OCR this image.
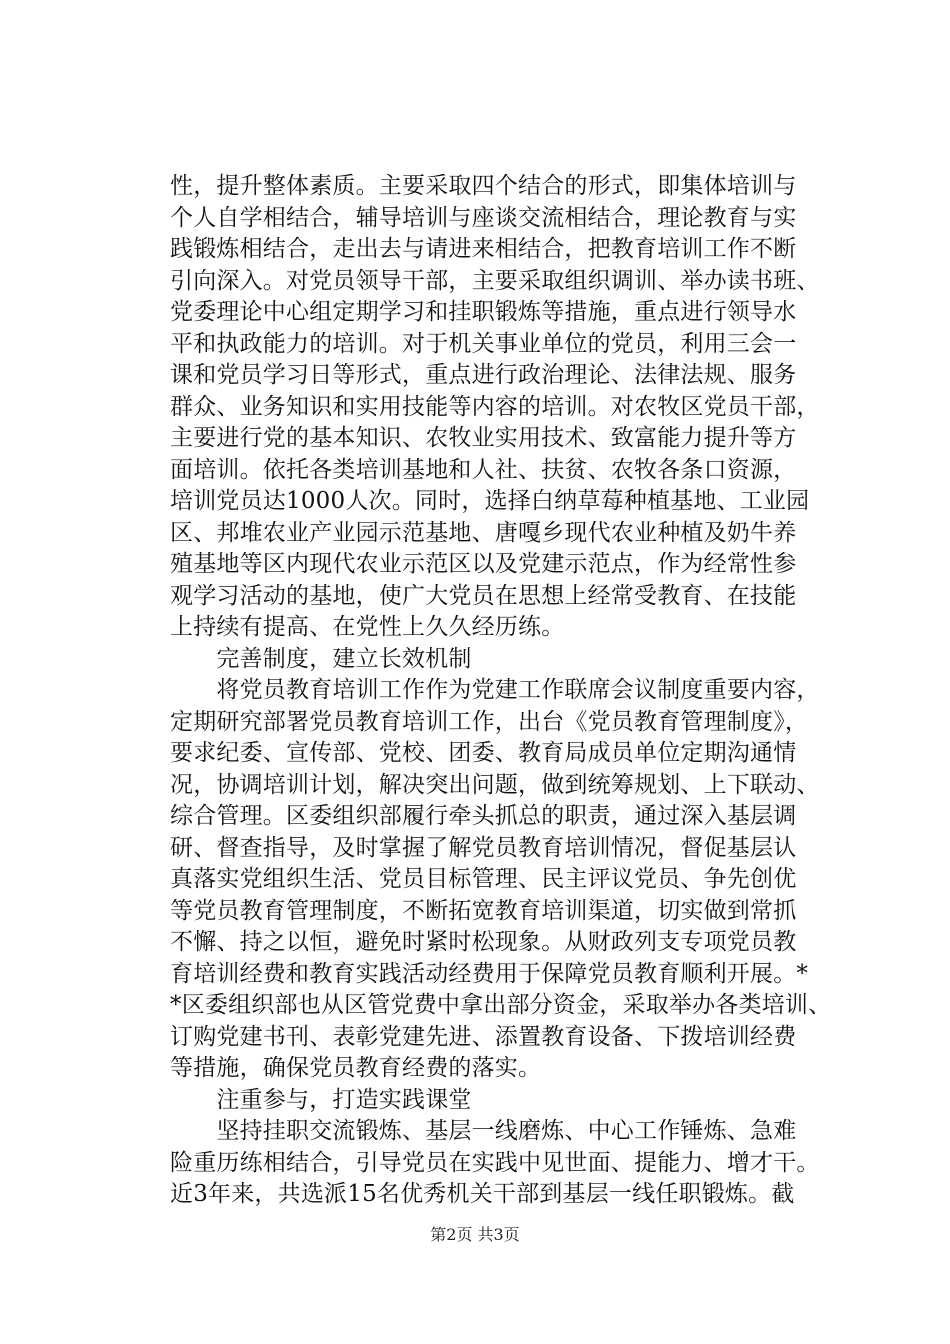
性，提升整体素质。主要采取四个结合的形式，即集体培训与
个人自学相结合，辅导培训与座谈交流相结合，理论教育与实
践锻炼相结合，走出去与请进来相结合，把教育培训工作不断
引向深入。对党员领导干部，主要采取组织调训、举办读书班、
党委理论中心组定期学习和挂职锻炼等措施，重点进行领导水
平和执政能力的培训。对于机关事业单位的党员，利用三会一
课和党员学习日等形式，重点进行政治理论、法律法规、服务
群众、业务知识和实用技能等内容的培训。对农牧区党员干部，
主要进行党的基本知识、农牧业实用技术、致富能力提升等方
面培训。依托各类培训基地和人社、扶贫、农牧各条口资源，
培训党员达1000人次。同时，选择白纳草莓种植基地、工业园
区、邦堆农业产业园示范基地、唐嘎乡现代农业种植及奶牛养
殖基地等区内现代农业示范区以及党建示范点，作为经常性参
观学习活动的基地，使广大党员在思想上经常受教育、在技能
上持续有提高、在党性上久久经历练。
　　完善制度，建立长效机制
　　将党员教育培训工作作为党建工作联席会议制度重要内容，
定期研究部署党员教育培训工作，出台《党员教育管理制度》，
要求纪委、宣传部、党校、团委、教育局成员单位定期沟通情
况，协调培训计划，解决突出问题，做到统筹规划、上下联动、
综合管理。区委组织部履行牵头抓总的职责，通过深入基层调
研、督查指导，及时掌握了解党员教育培训情况，督促基层认
真落实党组织生活、党员目标管理、民主评议党员、争先创优
等党员教育管理制度，不断拓宽教育培训渠道，切实做到常抓
不懈、持之以恒，避免时紧时松现象。从财政列支专项党员教
育培训经费和教育实践活动经费用于保障党员教育顺利开展。*
*区委组织部也从区管党费中拿出部分资金，采取举办各类培训、
订购党建书刊、表彰党建先进、添置教育设备、下拨培训经费
等措施，确保党员教育经费的落实。
　　注重参与，打造实践课堂
　　坚持挂职交流锻炼、基层一线磨炼、中心工作锤炼、急难
险重历练相结合，引导党员在实践中见世面、提能力、增才干。
近3年来，共选派15名优秀机关干部到基层一线任职锻炼。截
第2页 共3页
